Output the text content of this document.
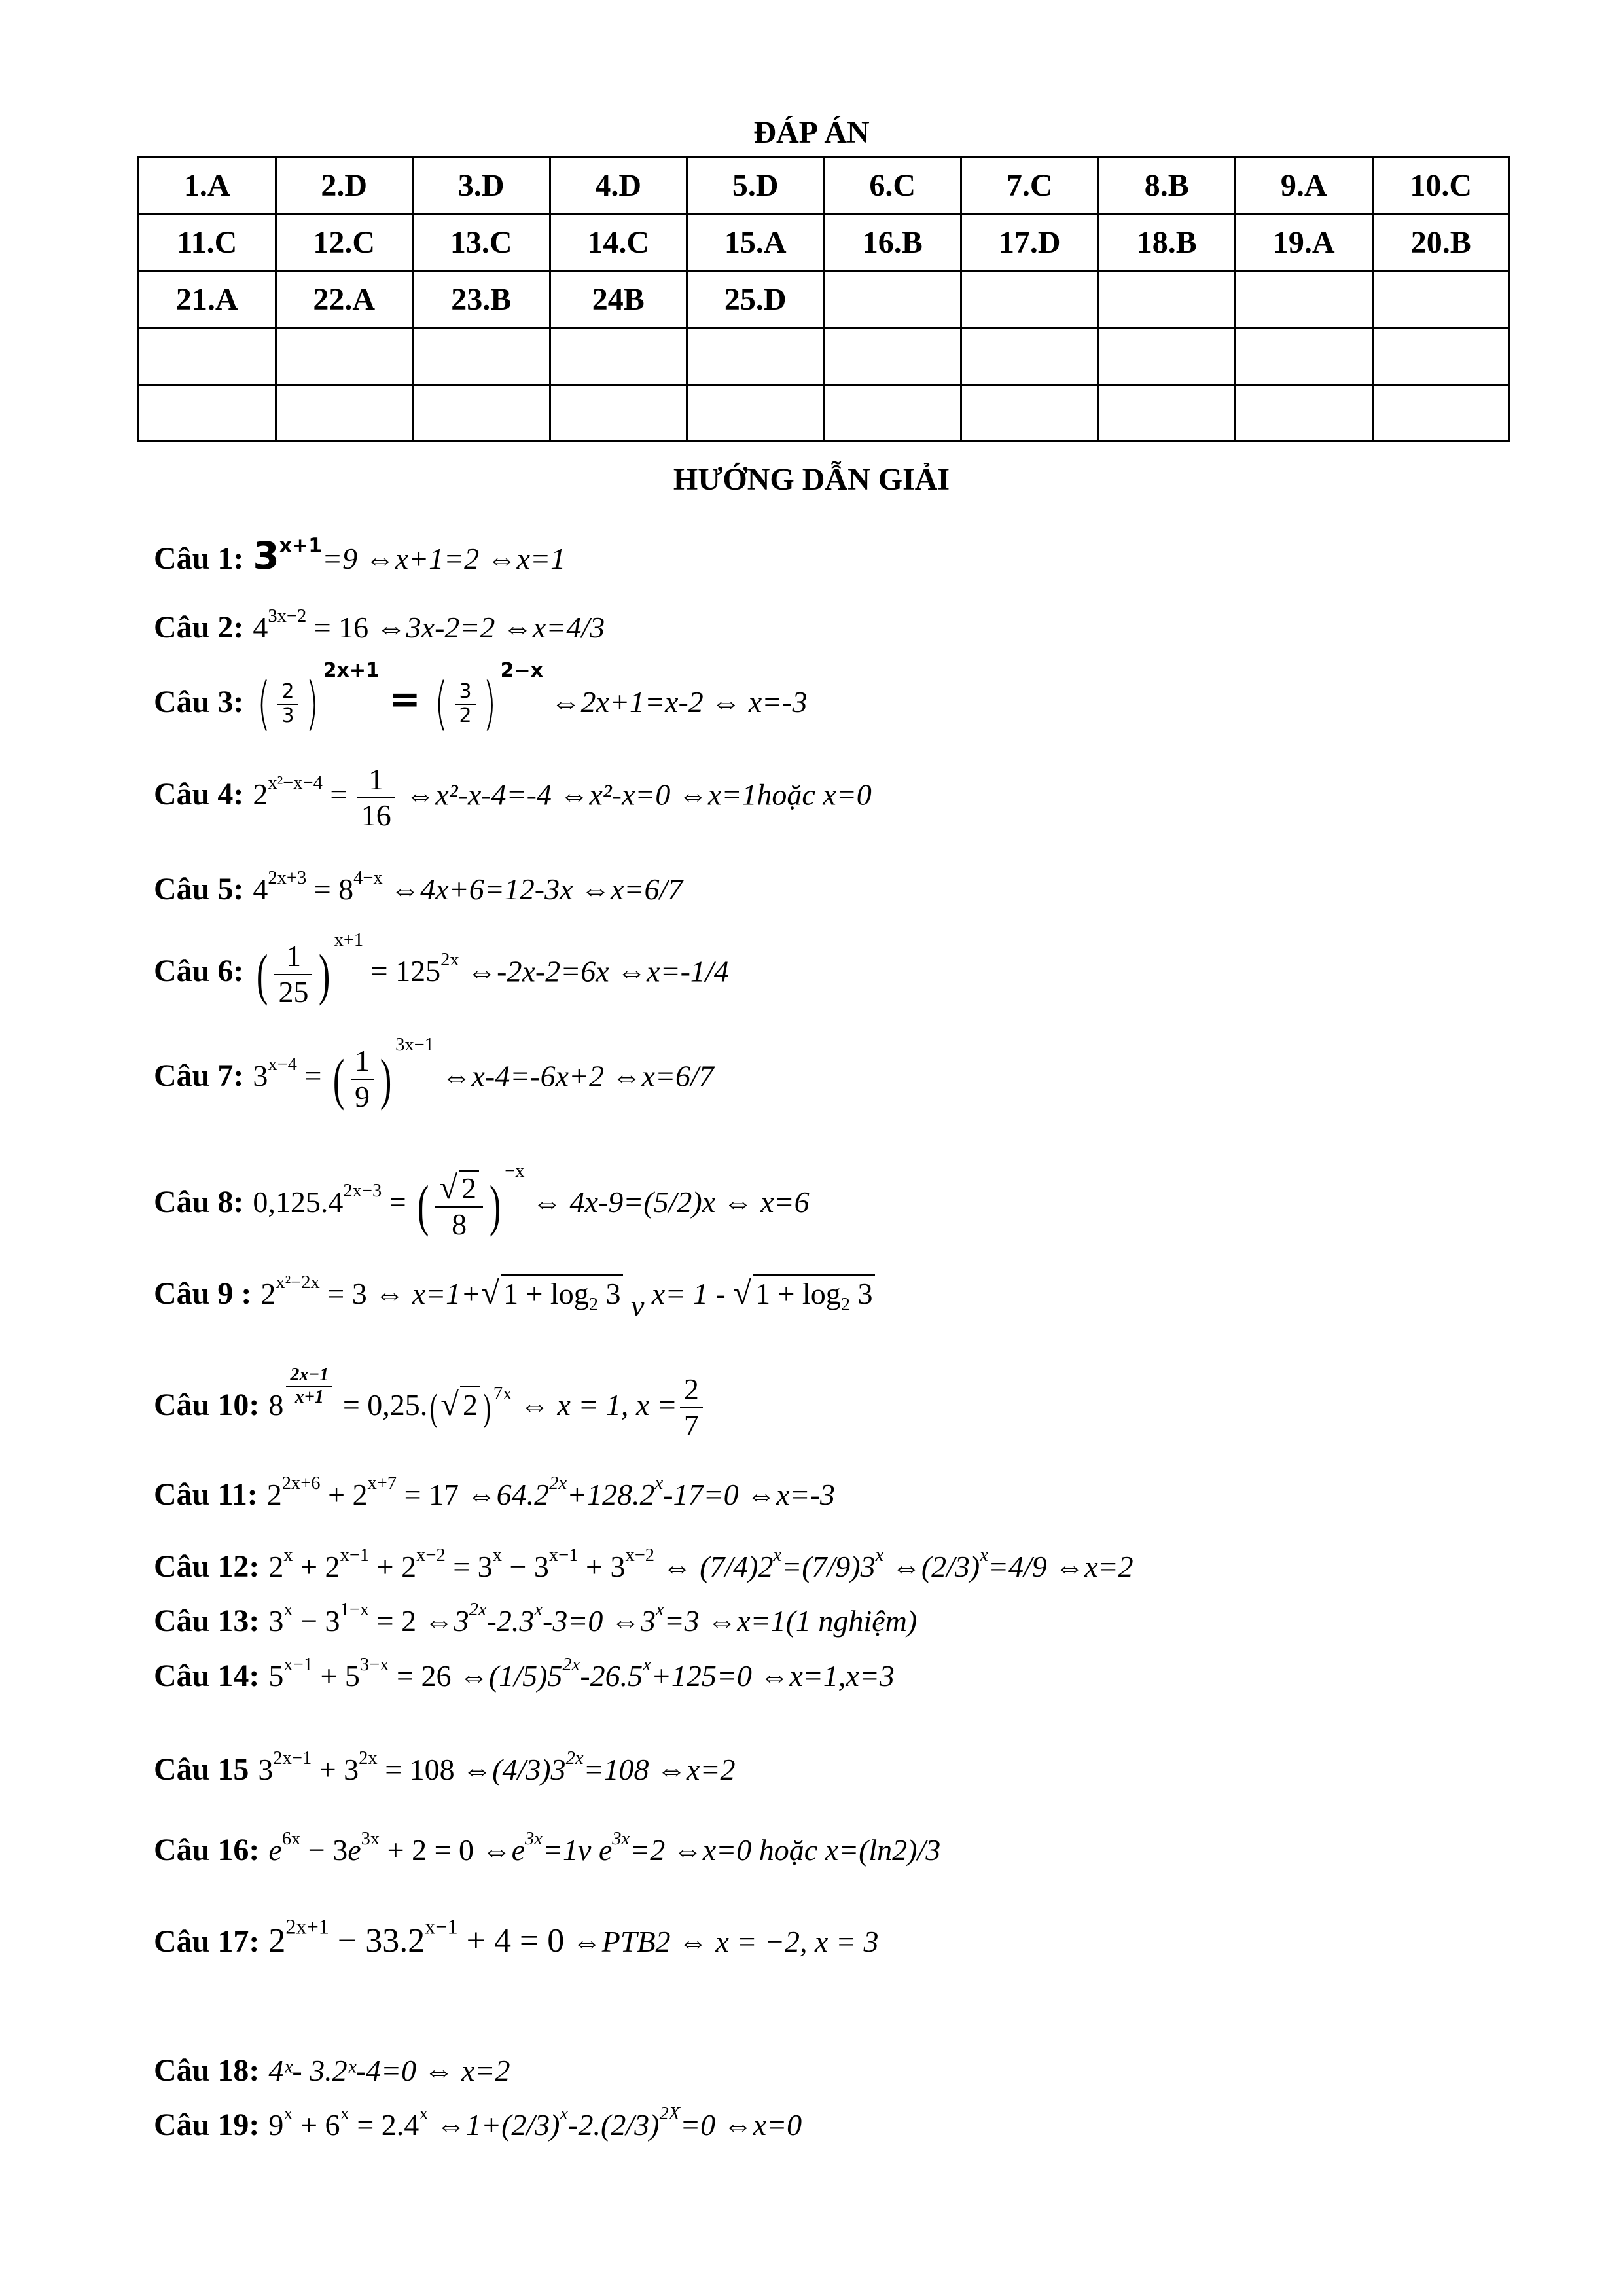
ĐÁP ÁN
1.A	2.D	3.D	4.D	5.D	6.C	7.C	8.B	9.A	10.C
11.C	12.C	13.C	14.C	15.A	16.B	17.D	18.B	19.A	20.B
21.A	22.A	23.B	24B	25.D					

HƯỚNG DẪN GIẢI
Câu 1: $3^{x+1}=9$ ⇔x+1=2 ⇔x=1
Câu 2: $4^{3x-2} = 16$ ⇔3x-2=2 ⇔x=4/3
Câu 3: ( $\frac{2}{3}$ ) $^{2x+1}$ = ( $\frac{3}{2}$ ) $^{2-x}$ ⇔2x+1=x-2 ⇔ x=-3
Câu 4: $2^{x^2-x-4} = \frac{1}{16}$ ⇔x²-x-4=-4 ⇔x²-x=0 ⇔x=1hoặc x=0
Câu 5: $4^{2x+3} = 8^{4-x}$ ⇔4x+6=12-3x ⇔x=6/7
Câu 6: ( $\frac{1}{25} )^{x+1} = 125^{2x}$ ⇔-2x-2=6x ⇔x=-1/4
Câu 7: $3^{x-4}$ = ( $\frac{1}{9} )^{3x-1}$ ⇔x-4=-6x+2 ⇔x=6/7
Câu 8: $0,125.4^{2x-3}$ = ( $\frac{√ 2}{8} )^{-x}$ ⇔ 4x-9=(5/2)x ⇔ x=6
Câu 9 : $2^{x^2-2x} = 3$ ⇔ x=1+√ $1 + \log_2 3$ v x= 1 - √ $1 + \log_2 3$
Câu 10: 8 $^{\frac{2x-1}{x+1}}$ = 0,25.(√ 2 ) $^{7x}$ ⇔ x = 1, $x = \frac{2}{7}$
Câu 11: $2^{2x+6} + 2^{x+7} = 17$ $\Leftrightarrow 64.2^{2x}+128.2^x-17=0$ ⇔x=-3
Câu 12: $2^x + 2^{x-1} + 2^{x-2} = 3^x - 3^{x-1} + 3^{x-2}$ ⇔ $(7/4)2^x=(7/9)3^x$ $\Leftrightarrow(2/3)^x=4/9$ ⇔x=2
Câu 13: $3^x - 3^{1-x} = 2$ $\Leftrightarrow 3^{2x}-2.3^x-3=0$ $\Leftrightarrow 3^x=3$ ⇔x=1(1 nghiệm)
Câu 14: $5^{x-1} + 5^{3-x} = 26$ $\Leftrightarrow(1/5)5^{2x}-26.5^x+125=0$ ⇔x=1,x=3
Câu 15 $3^{2x-1} + 3^{2x} = 108$ $\Leftrightarrow(4/3)3^{2x}=108$ ⇔x=2
Câu 16: $e^{6x} - 3e^{3x} + 2 = 0$ $\Leftrightarrow e^{3x}=1v$ $e^{3x}=2$ ⇔x=0 hoặc x=(ln2)/3
Câu 17: $2^{2x+1} - 33.2^{x-1} + 4 = 0$ ⇔PTB2 ⇔ x = −2, x = 3
Câu 18: 4ˣ- 3.2ˣ-4=0 ⇔ x=2
Câu 19: $9^x + 6^x = 2.4^x$ $\Leftrightarrow 1+(2/3)^x-2.(2/3)^{2X}=0$ ⇔x=0
